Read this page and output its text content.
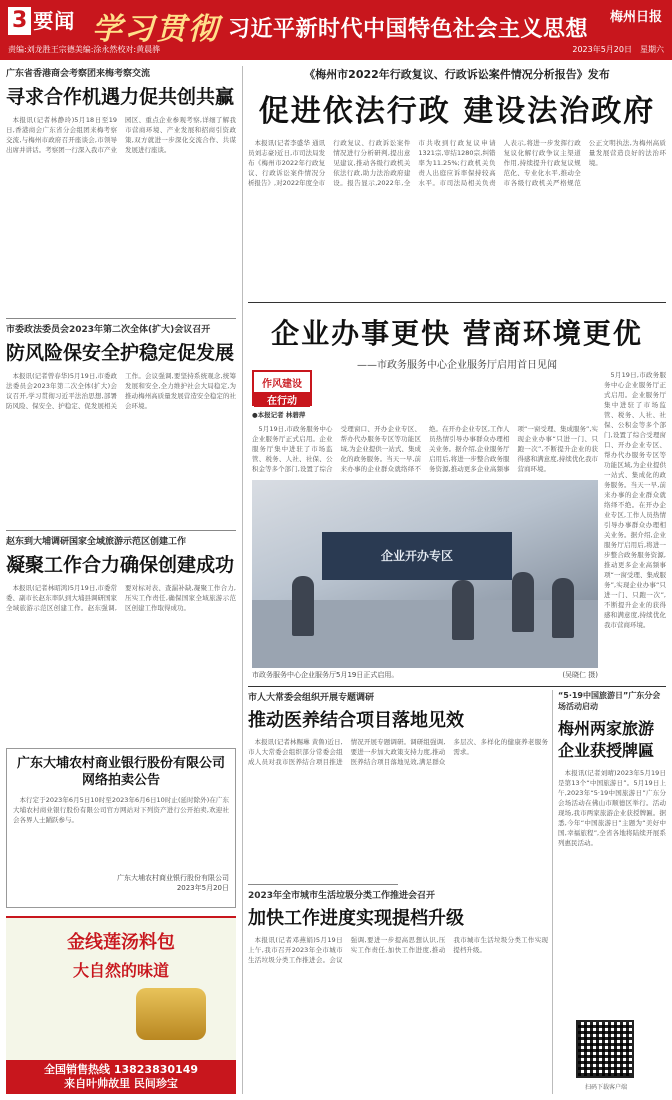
3 要闻 学习贯彻 习近平新时代中国特色社会主义思想 梅州日报
责编:刘龙胜 王宗德 美编:涂永然 校对:黄晨骅	2023年5月20日 星期六
广东省香港商会考察团来梅考察交流
寻求合作机遇力促共创共赢

本报讯(记者林静玲)5月18日至19日,香港商会广东省分会组团来梅考察交流,与梅州市政府召开座谈会,市领导出席并讲话。考察团一行深入我市产业园区、重点企业参观考察,详细了解我市营商环境、产业发展和招商引资政策,双方就进一步深化交流合作、共谋发展进行座谈。

市委政法委员会2023年第二次全体(扩大)会议召开
防风险保安全护稳定促发展

本报讯(记者曾春华)5月19日,市委政法委员会2023年第二次全体(扩大)会议召开,学习贯彻习近平法治思想,部署防风险、保安全、护稳定、促发展相关工作。会议强调,要坚持系统观念,统筹发展和安全,全力维护社会大局稳定,为推动梅州高质量发展营造安全稳定的社会环境。

赵东到大埔调研国家全域旅游示范区创建工作
凝聚工作合力确保创建成功

本报讯(记者林昭鸿)5月19日,市委常委、副市长赵东率队到大埔县调研国家全域旅游示范区创建工作。赵东强调,要对标对表、查漏补缺,凝聚工作合力,压实工作责任,确保国家全域旅游示范区创建工作取得成功。

广东大埔农村商业银行股份有限公司 网络拍卖公告

本行定于2023年6月5日10时至2023年6月6日10时止(延时除外)在广东大埔农村商业银行股份有限公司官方网站对下列资产进行公开拍卖,欢迎社会各界人士踊跃参与。

广东大埔农村商业银行股份有限公司
2023年5月20日
金线莲汤料包
大自然的味道
全国销售热线 13823830149
来自叶帅故里 民间珍宝
《梅州市2022年行政复议、行政诉讼案件情况分析报告》发布
促进依法行政 建设法治政府

本报讯(记者李盛华 通讯员刘志豪)近日,市司法局发布《梅州市2022年行政复议、行政诉讼案件情况分析报告》,对2022年度全市行政复议、行政诉讼案件情况进行分析研判,提出意见建议,推动各级行政机关依法行政,助力法治政府建设。报告显示,2022年,全市共收到行政复议申请1321宗,审结1280宗,纠错率为11.25%;行政机关负责人出庭应诉率保持较高水平。市司法局相关负责人表示,将进一步发挥行政复议化解行政争议主渠道作用,持续提升行政复议规范化、专业化水平,推动全市各级行政机关严格规范公正文明执法,为梅州高质量发展营造良好的法治环境。

企业办事更快 营商环境更优
——市政务服务中心企业服务厅启用首日见闻
作风建设
在行动
●本报记者 林碧萍

5月19日,市政务服务中心企业服务厅正式启用。企业服务厅集中进驻了市场监管、税务、人社、社保、公积金等多个部门,设置了综合受理窗口、开办企业专区、帮办代办服务专区等功能区域,为企业提供一站式、集成化的政务服务。当天一早,前来办事的企业群众就络绎不绝。在开办企业专区,工作人员热情引导办事群众办理相关业务。据介绍,企业服务厅启用后,将进一步整合政务服务资源,推动更多企业高频事项“一窗受理、集成服务”,实现企业办事“只进一门、只跑一次”,不断提升企业的获得感和满意度,持续优化我市营商环境。

企业开办专区
市政务服务中心企业服务厅5月19日正式启用。	(吴晓仁 摄)

5月19日,市政务服务中心企业服务厅正式启用。企业服务厅集中进驻了市场监管、税务、人社、社保、公积金等多个部门,设置了综合受理窗口、开办企业专区、帮办代办服务专区等功能区域,为企业提供一站式、集成化的政务服务。当天一早,前来办事的企业群众就络绎不绝。在开办企业专区,工作人员热情引导办事群众办理相关业务。据介绍,企业服务厅启用后,将进一步整合政务服务资源,推动更多企业高频事项“一窗受理、集成服务”,实现企业办事“只进一门、只跑一次”,不断提升企业的获得感和满意度,持续优化我市营商环境。

市人大常委会组织开展专题调研
推动医养结合项目落地见效

本报讯(记者林赐琳 黄鲁)近日,市人大常委会组织部分常委会组成人员对我市医养结合项目推进情况开展专题调研。调研组强调,要进一步加大政策支持力度,推动医养结合项目落地见效,满足群众多层次、多样化的健康养老服务需求。

2023年全市城市生活垃圾分类工作推进会召开
加快工作进度实现提档升级

本报讯(记者邓燕娟)5月19日上午,我市召开2023年全市城市生活垃圾分类工作推进会。会议强调,要进一步提高思想认识,压实工作责任,加快工作进度,推动我市城市生活垃圾分类工作实现提档升级。

“5·19中国旅游日”广东分会场活动启动
梅州两家旅游企业获授牌匾

本报讯(记者刘晴)2023年5月19日是第13个“中国旅游日”。5月19日上午,2023年“5·19中国旅游日”广东分会场活动在佛山市顺德区举行。活动现场,我市两家旅游企业获授牌匾。据悉,今年“中国旅游日”主题为“美好中国,幸福旅程”,全省各地将陆续开展系列惠民活动。

扫码下载客户端
